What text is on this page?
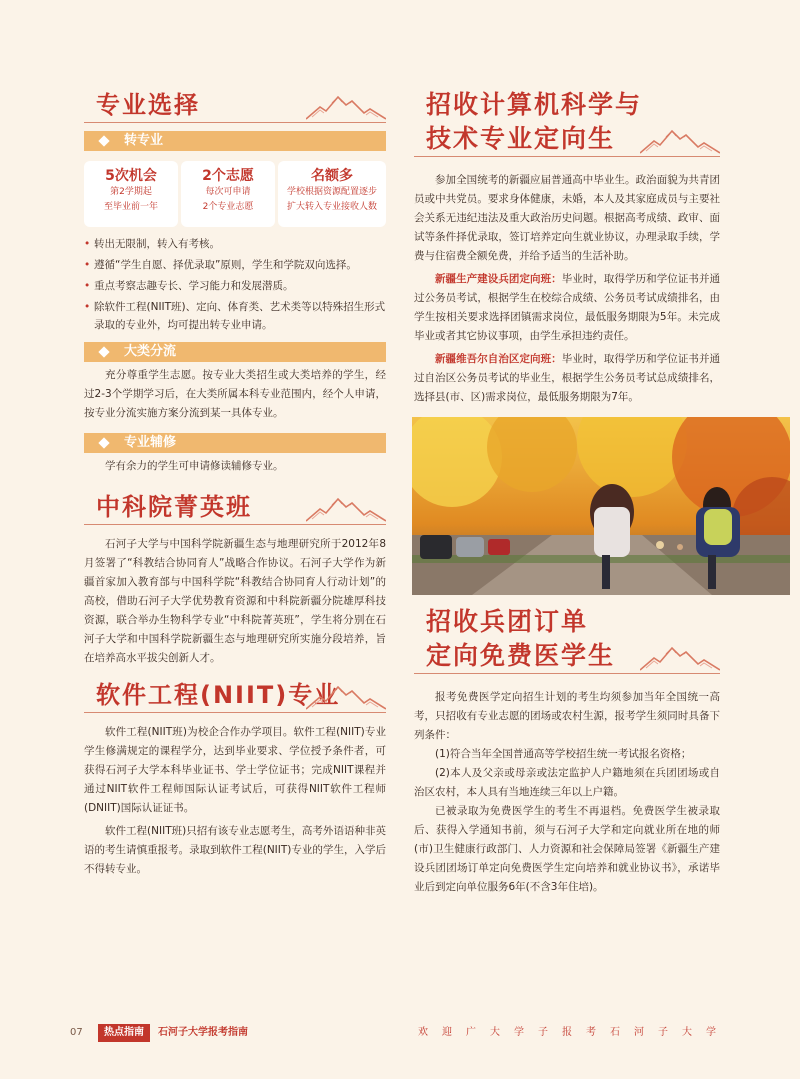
专业选择
转专业
5次机会
第2学期起
至毕业前一年
2个志愿
每次可申请
2个专业志愿
名额多
学校根据资源配置逐步
扩大转入专业接收人数
• 转出无限制，转入有考核。
• 遵循“学生自愿、择优录取”原则，学生和学院双向选择。
• 重点考察志趣专长、学习能力和发展潜质。
• 除软件工程(NIIT班)、定向、体育类、艺术类等以特殊招生形式录取的专业外，均可提出转专业申请。
大类分流

充分尊重学生志愿。按专业大类招生或大类培养的学生，经过2-3个学期学习后，在大类所属本科专业范围内，经个人申请，按专业分流实施方案分流到某一具体专业。

专业辅修

学有余力的学生可申请修读辅修专业。

中科院菁英班

石河子大学与中国科学院新疆生态与地理研究所于2012年8月签署了“科教结合协同育人”战略合作协议。石河子大学作为新疆首家加入教育部与中国科学院“科教结合协同育人行动计划”的高校，借助石河子大学优势教育资源和中科院新疆分院雄厚科技资源，联合举办生物科学专业“中科院菁英班”，学生将分别在石河子大学和中国科学院新疆生态与地理研究所实施分段培养，旨在培养高水平拔尖创新人才。

软件工程(NIIT)专业

软件工程(NIIT班)为校企合作办学项目。软件工程(NIIT)专业学生修满规定的课程学分，达到毕业要求、学位授予条件者，可获得石河子大学本科毕业证书、学士学位证书；完成NIIT课程并通过NIIT软件工程师国际认证考试后，可获得NIIT软件工程师(DNIIT)国际认证证书。

软件工程(NIIT班)只招有该专业志愿考生，高考外语语种非英语的考生请慎重报考。录取到软件工程(NIIT)专业的学生，入学后不得转专业。

招收计算机科学与
技术专业定向生

参加全国统考的新疆应届普通高中毕业生。政治面貌为共青团员或中共党员。要求身体健康，未婚，本人及其家庭成员与主要社会关系无违纪违法及重大政治历史问题。根据高考成绩、政审、面试等条件择优录取，签订培养定向生就业协议，办理录取手续，学费与住宿费全额免费，并给予适当的生活补助。

新疆生产建设兵团定向班：毕业时，取得学历和学位证书并通过公务员考试，根据学生在校综合成绩、公务员考试成绩排名，由学生按相关要求选择团镇需求岗位，最低服务期限为5年。未完成毕业或者其它协议事项，由学生承担违约责任。

新疆维吾尔自治区定向班：毕业时，取得学历和学位证书并通过自治区公务员考试的毕业生，根据学生公务员考试总成绩排名，选择县(市、区)需求岗位，最低服务期限为7年。

招收兵团订单
定向免费医学生

报考免费医学定向招生计划的考生均须参加当年全国统一高考，只招收有专业志愿的团场或农村生源，报考学生须同时具备下列条件：

(1)符合当年全国普通高等学校招生统一考试报名资格；

(2)本人及父亲或母亲或法定监护人户籍地须在兵团团场或自治区农村，本人具有当地连续三年以上户籍。

已被录取为免费医学生的考生不再退档。免费医学生被录取后、获得入学通知书前，须与石河子大学和定向就业所在地的师(市)卫生健康行政部门、人力资源和社会保障局签署《新疆生产建设兵团团场订单定向免费医学生定向培养和就业协议书》，承诺毕业后到定向单位服务6年(不含3年住培)。

07	热点指南	石河子大学报考指南	欢迎广大学子报考石河子大学
